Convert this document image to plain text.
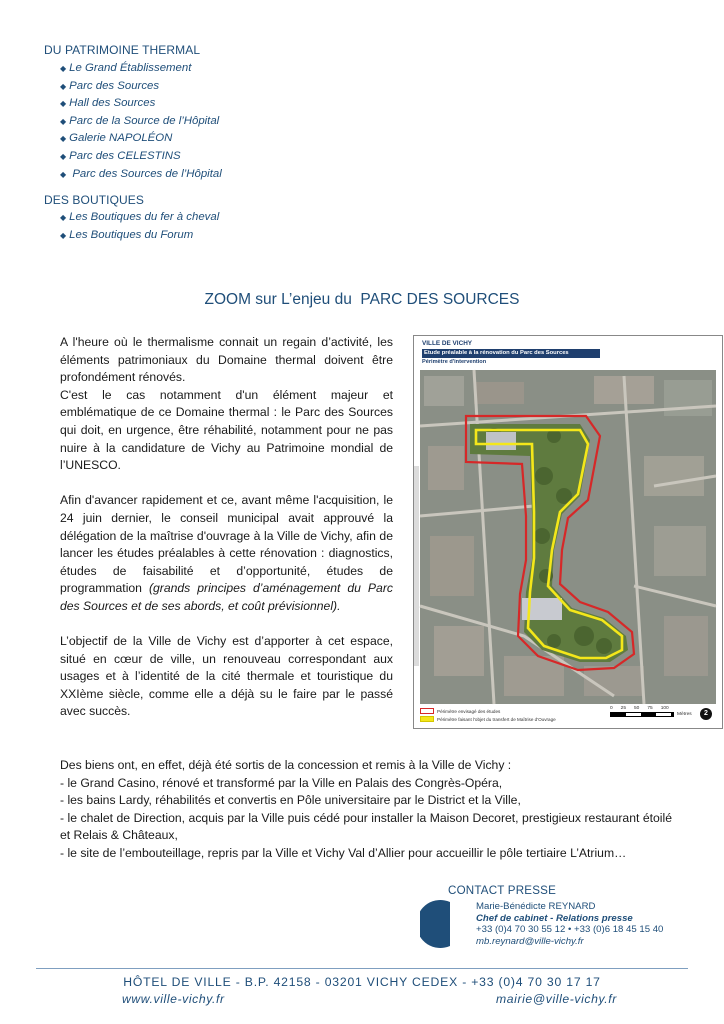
DU PATRIMOINE THERMAL
◆ Le Grand Établissement
◆ Parc des Sources
◆ Hall des Sources
◆ Parc de la Source de l’Hôpital
◆ Galerie NAPOLÉON
◆ Parc des CELESTINS
◆ Parc des Sources de l’Hôpital
DES BOUTIQUES
◆ Les Boutiques du fer à cheval
◆ Les Boutiques du Forum
ZOOM sur L’enjeu du  PARC DES SOURCES

A l'heure où le thermalisme connait un regain d’activité, les éléments patrimoniaux du Domaine thermal doivent être profondément rénovés.

C'est le cas notamment d'un élément majeur et emblématique de ce Domaine thermal : le Parc des Sources qui doit, en urgence, être réhabilité, notamment pour ne pas nuire à la candidature de Vichy au Patrimoine mondial de l’UNESCO.

Afin d'avancer rapidement et ce, avant même l'acquisition, le 24 juin dernier, le conseil municipal avait approuvé la délégation de la maîtrise d'ouvrage à la Ville de Vichy, afin de lancer les études préalables à cette rénovation : diagnostics, études de faisabilité et d’opportunité, études de programmation (grands principes d’aménagement du Parc des Sources et de ses abords, et coût prévisionnel).

L’objectif de la Ville de Vichy est d’apporter à cet espace, situé en cœur de ville, un renouveau correspondant aux usages et à l’identité de la cité thermale et touristique du XXIème siècle, comme elle a déjà su le faire par le passé avec succès.

Des biens ont, en effet, déjà été sortis de la concession et remis à la Ville de Vichy :

- le Grand Casino, rénové et transformé par la Ville en Palais des Congrès-Opéra,

- les bains Lardy, réhabilités et convertis en Pôle universitaire par le District et la Ville,

- le chalet de Direction, acquis par la Ville puis cédé pour installer la Maison Decoret, prestigieux restaurant étoilé et Relais & Châteaux,

- le site de l’embouteillage, repris par la Ville et Vichy Val d’Allier pour accueillir le pôle tertiaire L’Atrium…

VILLE DE VICHY
Etude préalable à la rénovation du Parc des Sources
Périmètre d'intervention
Périmètre envisagé des études
Périmètre faisant l'objet du transfert de Maîtrise d'Ouvrage
0 25 50 75 100
Mètres	2
CONTACT PRESSE
Marie-Bénédicte REYNARD
Chef de cabinet - Relations presse
+33 (0)4 70 30 55 12 • +33 (0)6 18 45 15 40
mb.reynard@ville-vichy.fr
HÔTEL DE VILLE - B.P. 42158 - 03201 VICHY CEDEX - +33 (0)4 70 30 17 17
www.ville-vichy.fr	mairie@ville-vichy.fr
